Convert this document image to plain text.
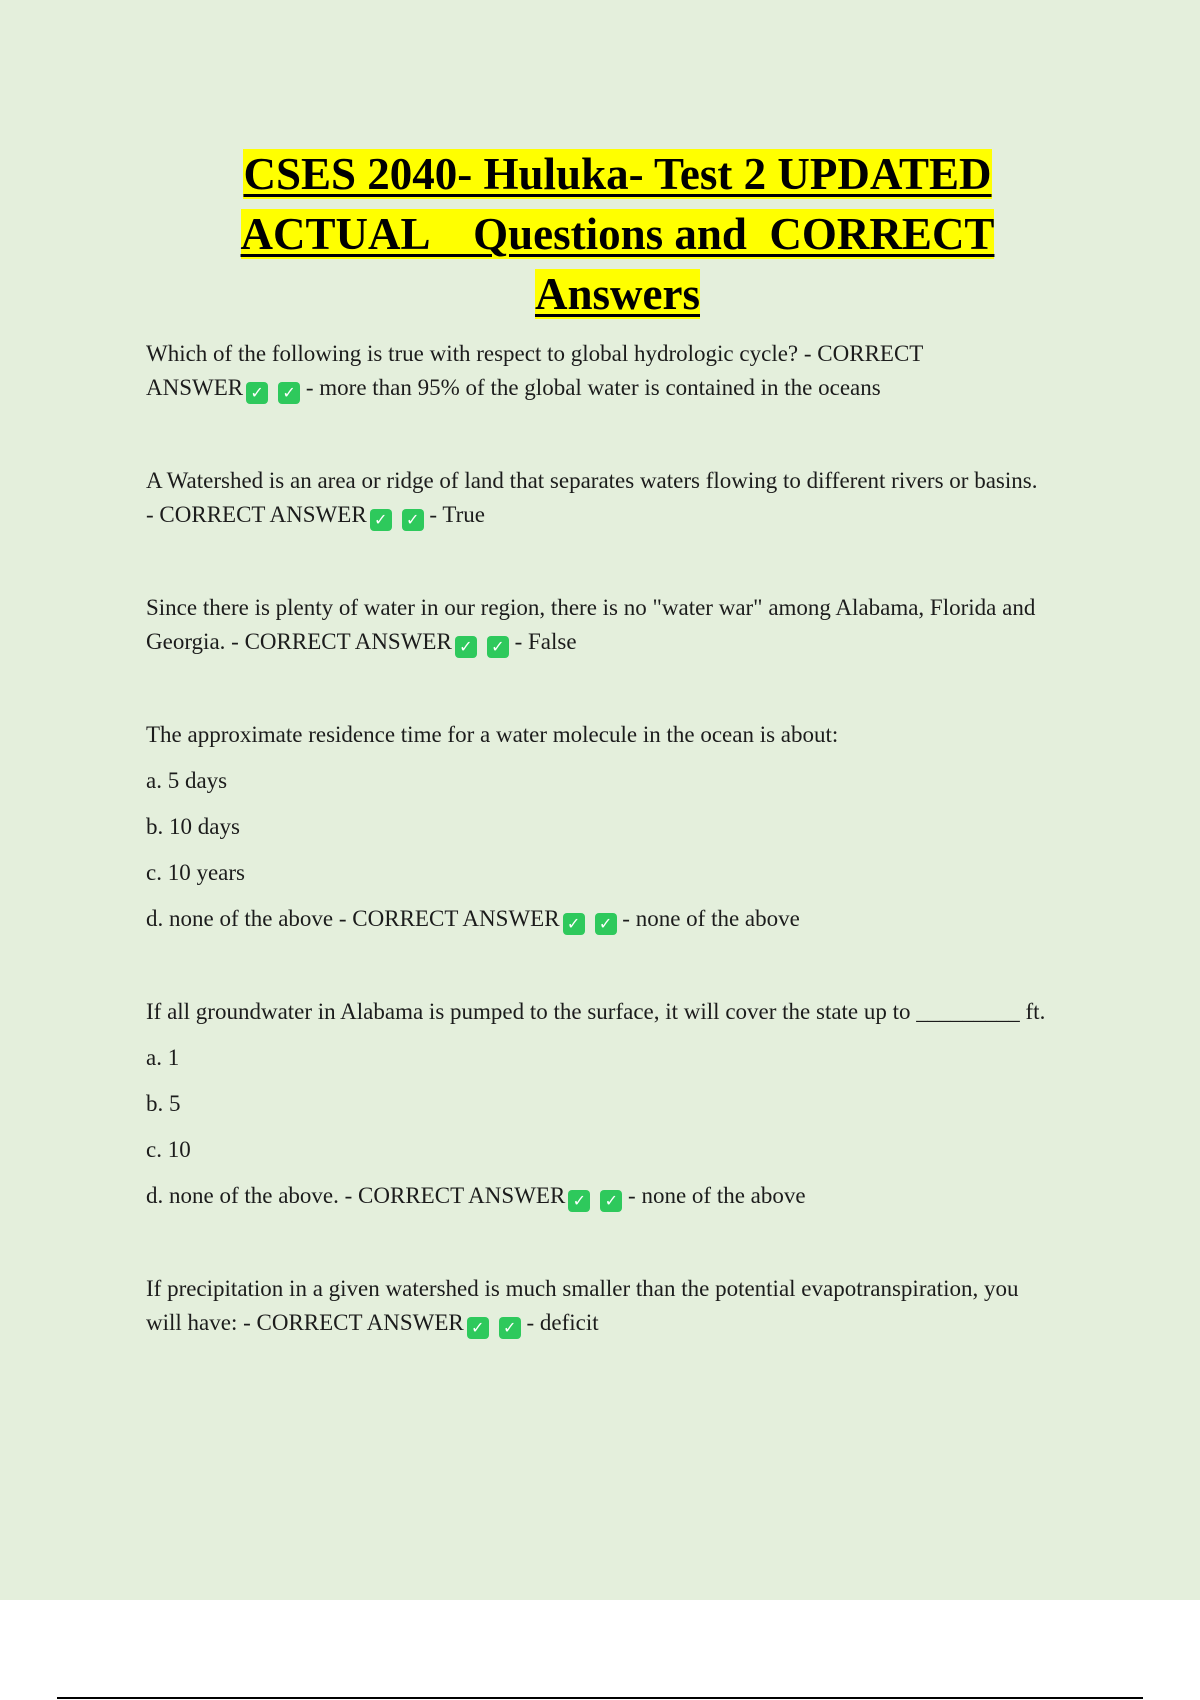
CSES 2040- Huluka- Test 2 UPDATED
ACTUAL    Questions and  CORRECT
Answers

Which of the following is true with respect to global hydrologic cycle? - CORRECT

ANSWER ✓ ✓ - more than 95% of the global water is contained in the oceans

A Watershed is an area or ridge of land that separates waters flowing to different rivers or basins.

- CORRECT ANSWER ✓ ✓ - True

Since there is plenty of water in our region, there is no "water war" among Alabama, Florida and

Georgia. - CORRECT ANSWER ✓ ✓ - False

The approximate residence time for a water molecule in the ocean is about:

a. 5 days

b. 10 days

c. 10 years

d. none of the above - CORRECT ANSWER ✓ ✓ - none of the above

If all groundwater in Alabama is pumped to the surface, it will cover the state up to _________ ft.

a. 1

b. 5

c. 10

d. none of the above. - CORRECT ANSWER ✓ ✓ - none of the above

If precipitation in a given watershed is much smaller than the potential evapotranspiration, you

will have: - CORRECT ANSWER ✓ ✓ - deficit
